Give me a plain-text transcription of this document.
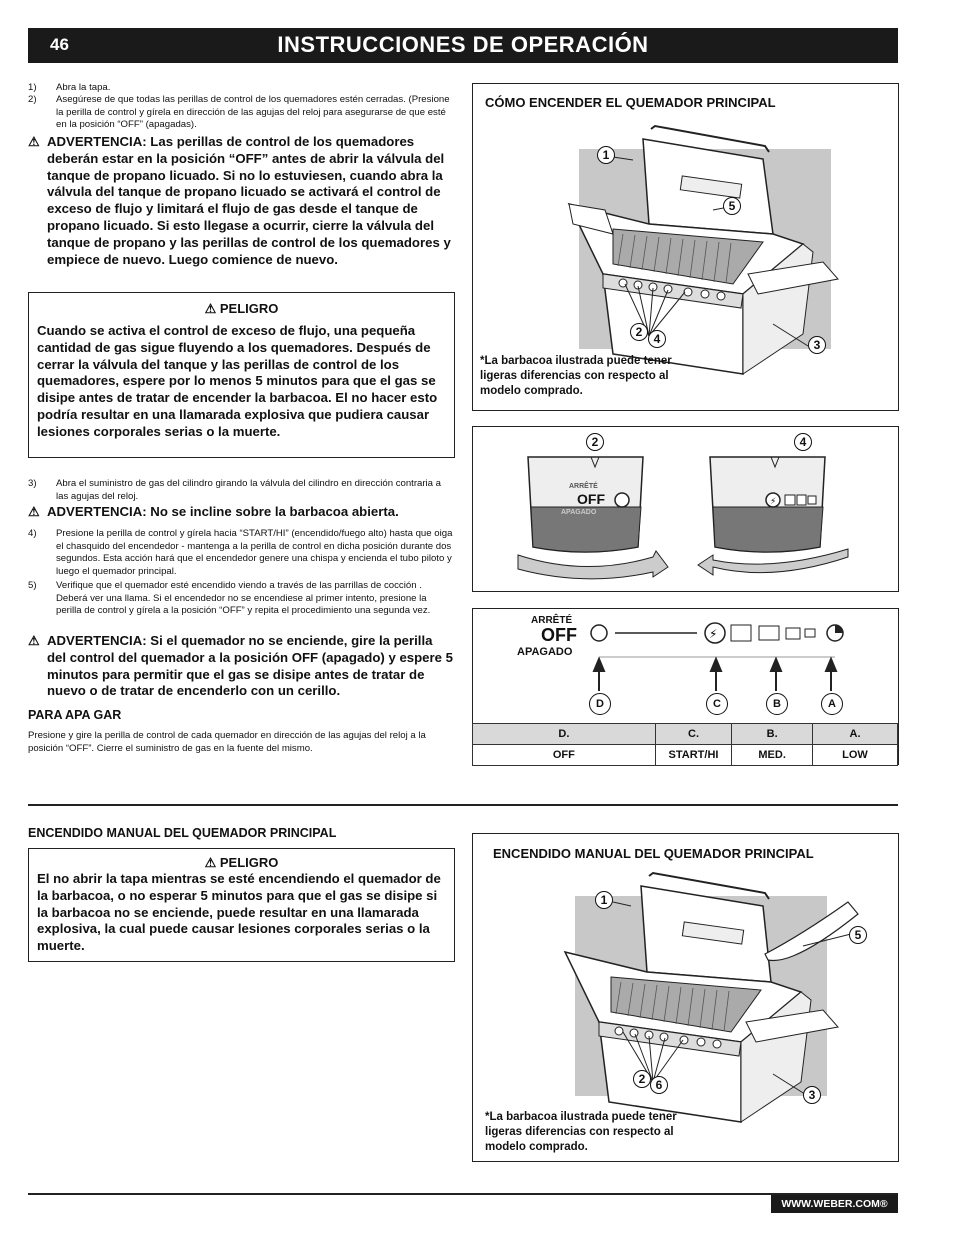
46	INSTRUCCIONES DE OPERACIÓN
1) Abra la tapa.
2) Asegúrese de que todas las perillas de control de los quemadores estén cerradas. (Presione la perilla de control y gírela en dirección de las agujas del reloj para asegurarse de que esté en la posición “OFF” (apagadas).
⚠ ADVERTENCIA: Las perillas de control de los quemadores deberán estar en la posición “OFF” antes de abrir la válvula del tanque de propano licuado. Si no lo estuviesen, cuando abra la válvula del tanque de propano licuado se activará el control de exceso de flujo y limitará el flujo de gas desde el tanque de propano licuado. Si esto llegase a ocurrir, cierre la válvula del tanque de propano y las perillas de control de los quemadores y empiece de nuevo. Luego comience de nuevo.
⚠ PELIGRO
Cuando se activa el control de exceso de flujo, una pequeña cantidad de gas sigue fluyendo a los quemadores. Después de cerrar la válvula del tanque y las perillas de control de los quemadores, espere por lo menos 5 minutos para que el gas se disipe antes de tratar de encender la barbacoa. El no hacer esto podría resultar en una llamarada explosiva que pudiera causar lesiones corporales serias o la muerte.
3) Abra el suministro de gas del cilindro girando la válvula del cilindro en dirección contraria a las agujas del reloj.
⚠ ADVERTENCIA: No se incline sobre la barbacoa abierta.
4) Presione la perilla de control y gírela hacia “START/HI” (encendido/fuego alto) hasta que oiga el chasquido del encendedor - mantenga a la perilla de control en dicha posición durante dos segundos. Esta acción hará que el encendedor genere una chispa y encienda el tubo piloto y luego el quemador principal.
5) Verifique que el quemador esté encendido viendo a través de las parrillas de cocción . Deberá ver una llama. Si el encendedor no se encendiese al primer intento, presione la perilla de control y gírela a la posición “OFF” y repita el procedimiento una segunda vez.
⚠ ADVERTENCIA: Si el quemador no se enciende, gire la perilla del control del quemador a la posición OFF (apagado) y espere 5 minutos para permitir que el gas se disipe antes de tratar de nuevo o de tratar de encenderlo con un cerillo.
PARA APA GAR
Presione y gire la perilla de control de cada quemador en dirección de las agujas del reloj a la posición “OFF”. Cierre el suministro de gas en la fuente del mismo.
CÓMO ENCENDER EL QUEMADOR PRINCIPAL
1
5
2 4	3
*La barbacoa ilustrada puede tener ligeras diferencias con respecto al modelo comprado.
⚡
ARRÊTÉ
OFF
APAGADO
2	4
ARRÊTÉ
OFF
APAGADO
⚡
D	C	B	A
D.	C.	B.	A.
OFF	START/HI	MED.	LOW
ENCENDIDO MANUAL DEL QUEMADOR PRINCIPAL
⚠ PELIGRO
El no abrir la tapa mientras se esté encendiendo el quemador de la barbacoa, o no esperar 5 minutos para que el gas se disipe si la barbacoa no se enciende, puede resultar en una llamarada explosiva, la cual puede causar lesiones corporales serias o la muerte.
ENCENDIDO MANUAL DEL QUEMADOR PRINCIPAL
1
5
2 6
3
*La barbacoa ilustrada puede tener ligeras diferencias con respecto al modelo comprado.
WWW.WEBER.COM®
